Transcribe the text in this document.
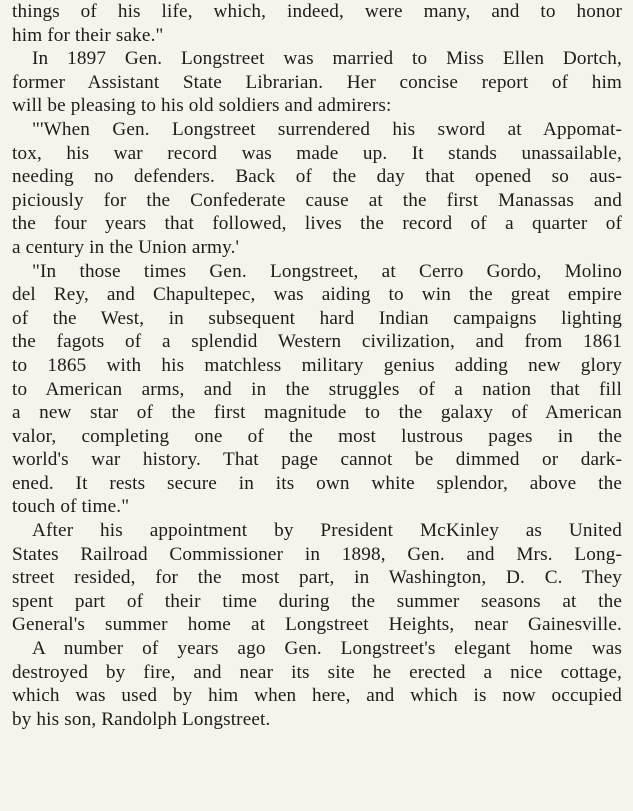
things of his life, which, indeed, were many, and to honor
him for their sake."
In 1897 Gen. Longstreet was married to Miss Ellen Dortch,
former Assistant State Librarian. Her concise report of him
will be pleasing to his old soldiers and admirers:
"'When Gen. Longstreet surrendered his sword at Appomat-
tox, his war record was made up. It stands unassailable,
needing no defenders. Back of the day that opened so aus-
piciously for the Confederate cause at the first Manassas and
the four years that followed, lives the record of a quarter of
a century in the Union army.'
"In those times Gen. Longstreet, at Cerro Gordo, Molino
del Rey, and Chapultepec, was aiding to win the great empire
of the West, in subsequent hard Indian campaigns lighting
the fagots of a splendid Western civilization, and from 1861
to 1865 with his matchless military genius adding new glory
to American arms, and in the struggles of a nation that fill
a new star of the first magnitude to the galaxy of American
valor, completing one of the most lustrous pages in the
world's war history. That page cannot be dimmed or dark-
ened. It rests secure in its own white splendor, above the
touch of time."
After his appointment by President McKinley as United
States Railroad Commissioner in 1898, Gen. and Mrs. Long-
street resided, for the most part, in Washington, D. C. They
spent part of their time during the summer seasons at the
General's summer home at Longstreet Heights, near Gainesville.
A number of years ago Gen. Longstreet's elegant home was
destroyed by fire, and near its site he erected a nice cottage,
which was used by him when here, and which is now occupied
by his son, Randolph Longstreet.
